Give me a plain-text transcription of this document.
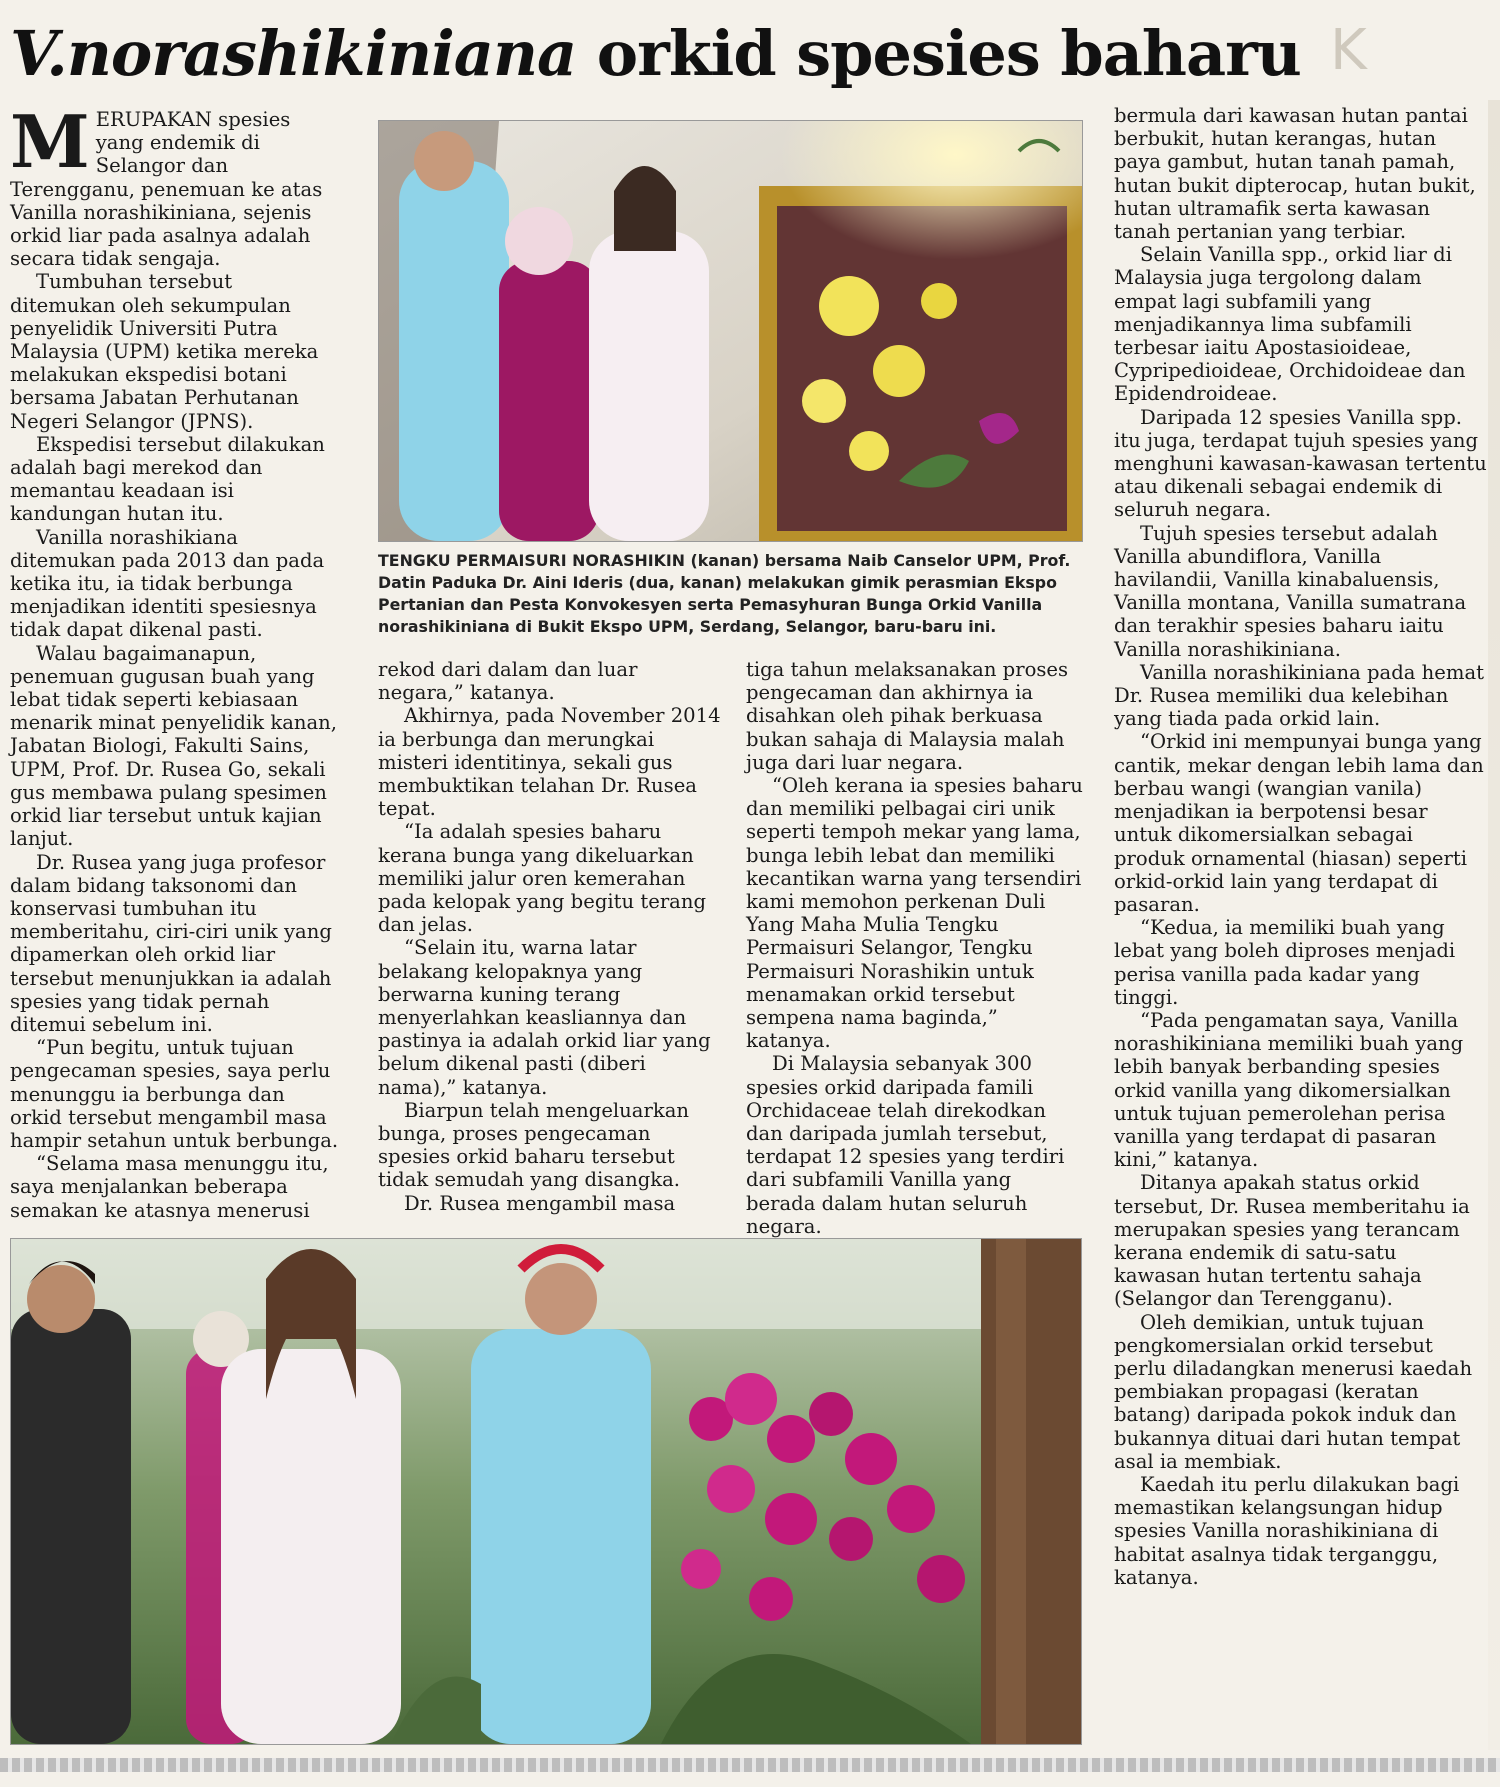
V.norashikiniana orkid spesies baharu K

MERUPAKAN spesies yang endemik di Selangor dan Terengganu, penemuan ke atas Vanilla norashikiniana, sejenis orkid liar pada asalnya adalah secara tidak sengaja.

Tumbuhan tersebut ditemukan oleh sekumpulan penyelidik Universiti Putra Malaysia (UPM) ketika mereka melakukan ekspedisi botani bersama Jabatan Perhutanan Negeri Selangor (JPNS).

Ekspedisi tersebut dilakukan adalah bagi merekod dan memantau keadaan isi kandungan hutan itu.

Vanilla norashikiana ditemukan pada 2013 dan pada ketika itu, ia tidak berbunga menjadikan identiti spesiesnya tidak dapat dikenal pasti.

Walau bagaimanapun, penemuan gugusan buah yang lebat tidak seperti kebiasaan menarik minat penyelidik kanan, Jabatan Biologi, Fakulti Sains, UPM, Prof. Dr. Rusea Go, sekali gus membawa pulang spesimen orkid liar tersebut untuk kajian lanjut.

Dr. Rusea yang juga profesor dalam bidang taksonomi dan konservasi tumbuhan itu memberitahu, ciri-ciri unik yang dipamerkan oleh orkid liar tersebut menunjukkan ia adalah spesies yang tidak pernah ditemui sebelum ini.

“Pun begitu, untuk tujuan pengecaman spesies, saya perlu menunggu ia berbunga dan orkid tersebut mengambil masa hampir setahun untuk berbunga.

“Selama masa menunggu itu, saya menjalankan beberapa semakan ke atasnya menerusi

TENGKU PERMAISURI NORASHIKIN (kanan) bersama Naib Canselor UPM, Prof. Datin Paduka Dr. Aini Ideris (dua, kanan) melakukan gimik perasmian Ekspo Pertanian dan Pesta Konvokesyen serta Pemasyhuran Bunga Orkid Vanilla norashikiniana di Bukit Ekspo UPM, Serdang, Selangor, baru-baru ini.

rekod dari dalam dan luar negara,” katanya.

Akhirnya, pada November 2014 ia berbunga dan merungkai misteri identitinya, sekali gus membuktikan telahan Dr. Rusea tepat.

“Ia adalah spesies baharu kerana bunga yang dikeluarkan memiliki jalur oren kemerahan pada kelopak yang begitu terang dan jelas.

“Selain itu, warna latar belakang kelopaknya yang berwarna kuning terang menyerlahkan keasliannya dan pastinya ia adalah orkid liar yang belum dikenal pasti (diberi nama),” katanya.

Biarpun telah mengeluarkan bunga, proses pengecaman spesies orkid baharu tersebut tidak semudah yang disangka.

Dr. Rusea mengambil masa

tiga tahun melaksanakan proses pengecaman dan akhirnya ia disahkan oleh pihak berkuasa bukan sahaja di Malaysia malah juga dari luar negara.

“Oleh kerana ia spesies baharu dan memiliki pelbagai ciri unik seperti tempoh mekar yang lama, bunga lebih lebat dan memiliki kecantikan warna yang tersendiri kami memohon perkenan Duli Yang Maha Mulia Tengku Permaisuri Selangor, Tengku Permaisuri Norashikin untuk menamakan orkid tersebut sempena nama baginda,” katanya.

Di Malaysia sebanyak 300 spesies orkid daripada famili Orchidaceae telah direkodkan dan daripada jumlah tersebut, terdapat 12 spesies yang terdiri dari subfamili Vanilla yang berada dalam hutan seluruh negara.

bermula dari kawasan hutan pantai berbukit, hutan kerangas, hutan paya gambut, hutan tanah pamah, hutan bukit dipterocap, hutan bukit, hutan ultramafik serta kawasan tanah pertanian yang terbiar.

Selain Vanilla spp., orkid liar di Malaysia juga tergolong dalam empat lagi subfamili yang menjadikannya lima subfamili terbesar iaitu Apostasioideae, Cypripedioideae, Orchidoideae dan Epidendroideae.

Daripada 12 spesies Vanilla spp. itu juga, terdapat tujuh spesies yang menghuni kawasan-kawasan tertentu atau dikenali sebagai endemik di seluruh negara.

Tujuh spesies tersebut adalah Vanilla abundiflora, Vanilla havilandii, Vanilla kinabaluensis, Vanilla montana, Vanilla sumatrana dan terakhir spesies baharu iaitu Vanilla norashikiniana.

Vanilla norashikiniana pada hemat Dr. Rusea memiliki dua kelebihan yang tiada pada orkid lain.

“Orkid ini mempunyai bunga yang cantik, mekar dengan lebih lama dan berbau wangi (wangian vanila) menjadikan ia berpotensi besar untuk dikomersialkan sebagai produk ornamental (hiasan) seperti orkid-orkid lain yang terdapat di pasaran.

“Kedua, ia memiliki buah yang lebat yang boleh diproses menjadi perisa vanilla pada kadar yang tinggi.

“Pada pengamatan saya, Vanilla norashikiniana memiliki buah yang lebih banyak berbanding spesies orkid vanilla yang dikomersialkan untuk tujuan pemerolehan perisa vanilla yang terdapat di pasaran kini,” katanya.

Ditanya apakah status orkid tersebut, Dr. Rusea memberitahu ia merupakan spesies yang terancam kerana endemik di satu-satu kawasan hutan tertentu sahaja (Selangor dan Terengganu).

Oleh demikian, untuk tujuan pengkomersialan orkid tersebut perlu diladangkan menerusi kaedah pembiakan propagasi (keratan batang) daripada pokok induk dan bukannya dituai dari hutan tempat asal ia membiak.

Kaedah itu perlu dilakukan bagi memastikan kelangsungan hidup spesies Vanilla norashikiniana di habitat asalnya tidak terganggu, katanya.
